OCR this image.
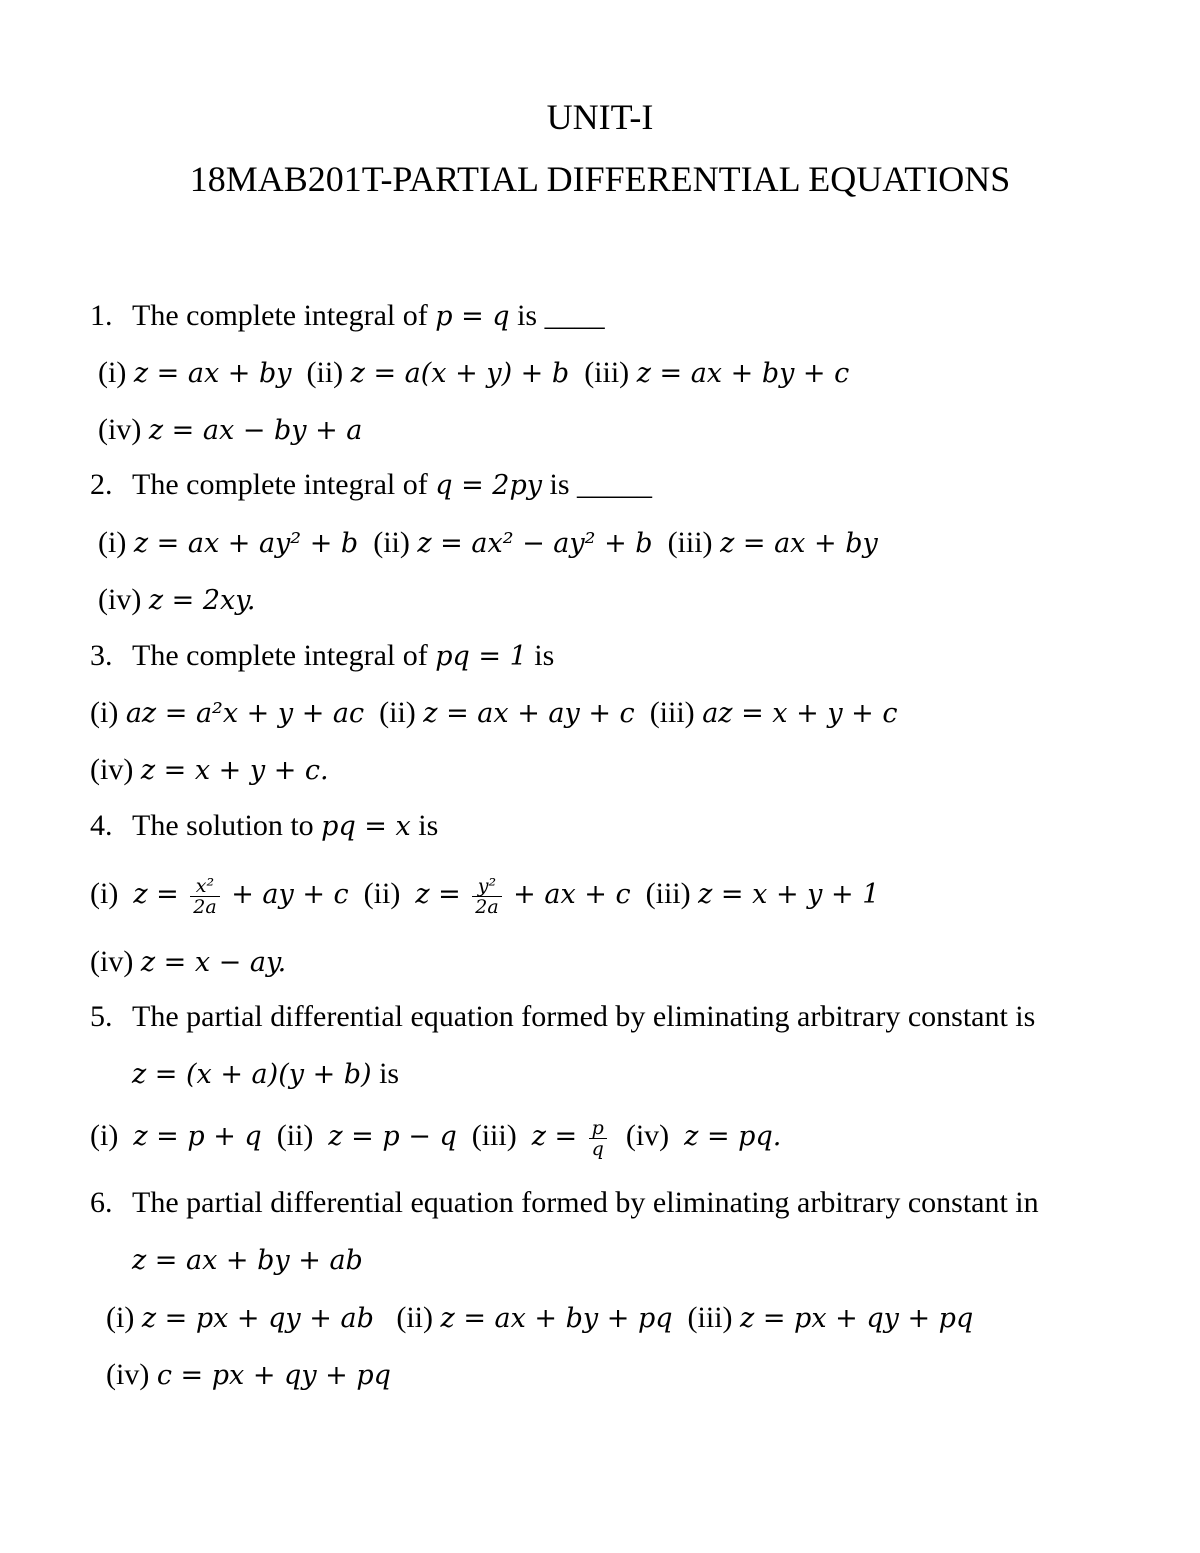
UNIT-I
18MAB201T-PARTIAL DIFFERENTIAL EQUATIONS
1. The complete integral of p = q is ____
(i) z = ax + by (ii) z = a(x + y) + b (iii) z = ax + by + c
(iv) z = ax − by + a
2. The complete integral of q = 2py is _____
(i) z = ax + ay² + b (ii) z = ax² − ay² + b (iii) z = ax + by
(iv) z = 2xy.
3. The complete integral of pq = 1 is
(i) az = a²x + y + ac (ii) z = ax + ay + c (iii) az = x + y + c
(iv) z = x + y + c.
4. The solution to pq = x is
(i) $z = \frac{\text{x²}}{2a}$ + ay + c (ii) $z = \frac{\text{y²}}{2a}$ + ax + c (iii) z = x + y + 1
(iv) z = x − ay.
5. The partial differential equation formed by eliminating arbitrary constant is
z = (x + a)(y + b) is
(i) z = p + q (ii) z = p − q (iii) $z = \frac{p}{q} (iv) z$ = pq.
6. The partial differential equation formed by eliminating arbitrary constant in
z = ax + by + ab
(i) z = px + qy + ab (ii) z = ax + by + pq (iii) z = px + qy + pq
(iv) c = px + qy + pq
